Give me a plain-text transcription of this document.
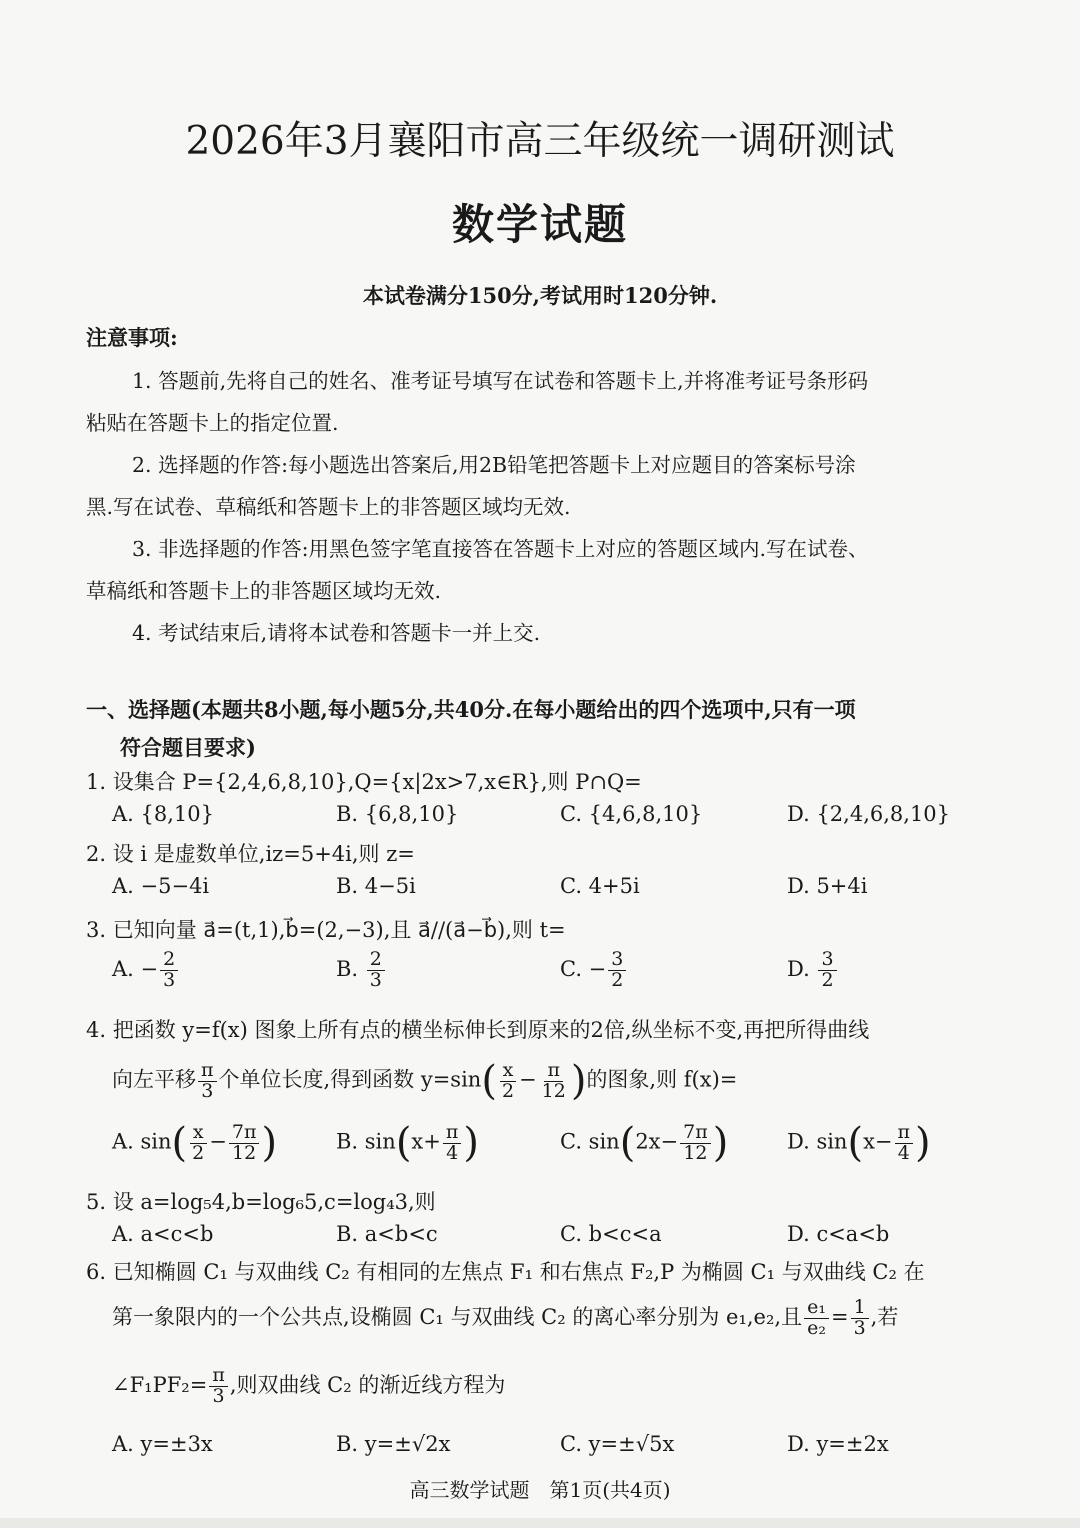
2026年3月襄阳市高三年级统一调研测试
数学试题
本试卷满分150分,考试用时120分钟.
注意事项:
1. 答题前,先将自己的姓名、准考证号填写在试卷和答题卡上,并将准考证号条形码
粘贴在答题卡上的指定位置.
2. 选择题的作答:每小题选出答案后,用2B铅笔把答题卡上对应题目的答案标号涂
黑.写在试卷、草稿纸和答题卡上的非答题区域均无效.
3. 非选择题的作答:用黑色签字笔直接答在答题卡上对应的答题区域内.写在试卷、
草稿纸和答题卡上的非答题区域均无效.
4. 考试结束后,请将本试卷和答题卡一并上交.
一、选择题(本题共8小题,每小题5分,共40分.在每小题给出的四个选项中,只有一项
符合题目要求)
1. 设集合 P={2,4,6,8,10},Q={x|2x>7,x∈R},则 P∩Q=
A. {8,10}	B. {6,8,10}	C. {4,6,8,10}	D. {2,4,6,8,10}
2. 设 i 是虚数单位,iz=5+4i,则 z=
A. −5−4i	B. 4−5i	C. 4+5i	D. 5+4i
3. 已知向量 a⃗=(t,1),b⃗=(2,−3),且 a⃗//(a⃗−b⃗),则 t=
A. − $\frac{2}{3}$	B. $\frac{2}{3}$	C. − $\frac{3}{2}$	D. $\frac{3}{2}$
4. 把函数 y=f(x) 图象上所有点的横坐标伸长到原来的2倍,纵坐标不变,再把所得曲线
向左平移 $\frac{\pi}{3}$ 个单位长度,得到函数 $y=\sin( \frac{x}{2} - \frac{\pi}{12}$ )的图象,则 f(x)=
A. $\sin( \frac{x}{2} - \frac{7\pi}{12}$ )	B. $\sin(x+ \frac{\pi}{4}$ )	C. $\sin(2x- \frac{7\pi}{12}$ )	D. $\sin(x- \frac{\pi}{4}$ )
5. 设 a=log₅4,b=log₆5,c=log₄3,则
A. a<c<b	B. a<b<c	C. b<c<a	D. c<a<b
6. 已知椭圆 C₁ 与双曲线 C₂ 有相同的左焦点 F₁ 和右焦点 F₂,P 为椭圆 C₁ 与双曲线 C₂ 在
第一象限内的一个公共点,设椭圆 C₁ 与双曲线 C₂ 的离心率分别为 e₁,e₂,且 $\frac{\text{e₁}}{\text{e₂}} = \frac{1}{3}$ ,若
∠F₁PF₂= $\frac{\pi}{3}$ ,则双曲线 C₂ 的渐近线方程为
A. y=±3x	B. y=±√2x	C. y=±√5x	D. y=±2x
高三数学试题　第1页(共4页)
